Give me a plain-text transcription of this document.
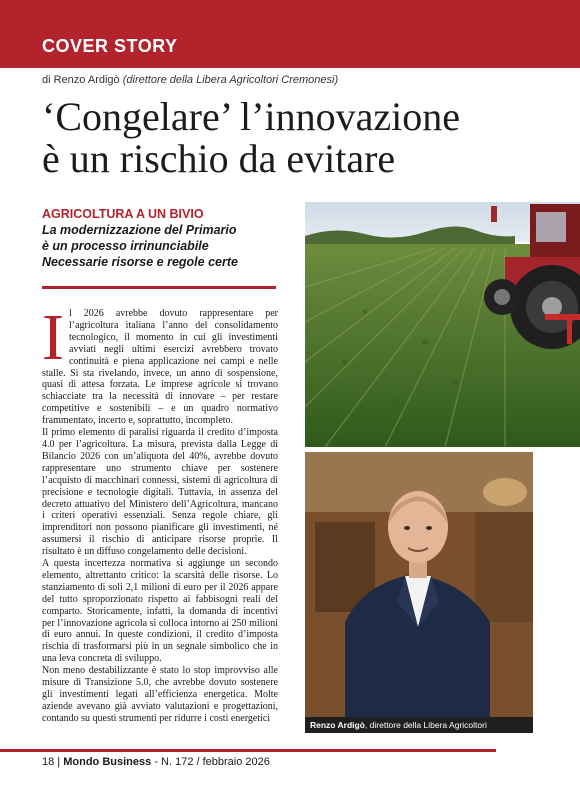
COVER STORY
di Renzo Ardigò (direttore della Libera Agricoltori Cremonesi)
‘Congelare’ l’innovazione
è un rischio da evitare
AGRICOLTURA A UN BIVIO
La modernizzazione del Primario
è un processo irrinunciabile
Necessarie risorse e regole certe

Il 2026 avrebbe dovuto rappresentare per l’agricoltura italiana l’anno del consolidamento tecnologico, il momento in cui gli investimenti avviati negli ultimi esercizi avrebbero trovato continuità e piena applicazione nei campi e nelle stalle. Si sta rivelando, invece, un anno di sospensione, quasi di attesa forzata. Le imprese agricole si trovano schiacciate tra la necessità di innovare – per restare competitive e sostenibili – e un quadro normativo frammentato, incerto e, soprattutto, incompleto.

Il primo elemento di paralisi riguarda il credito d’imposta 4.0 per l’agricoltura. La misura, prevista dalla Legge di Bilancio 2026 con un’aliquota del 40%, avrebbe dovuto rappresentare uno strumento chiave per sostenere l’acquisto di macchinari connessi, sistemi di agricoltura di precisione e tecnologie digitali. Tuttavia, in assenza del decreto attuativo del Ministero dell’Agricoltura, mancano i criteri operativi essenziali. Senza regole chiare, gli imprenditori non possono pianificare gli investimenti, né assumersi il rischio di anticipare risorse proprie. Il risultato è un diffuso congelamento delle decisioni.

A questa incertezza normativa si aggiunge un secondo elemento, altrettanto critico: la scarsità delle risorse. Lo stanziamento di soli 2,1 milioni di euro per il 2026 appare del tutto sproporzionato rispetto ai fabbisogni reali del comparto. Storicamente, infatti, la domanda di incentivi per l’innovazione agricola si colloca intorno ai 250 milioni di euro annui. In queste condizioni, il credito d’imposta rischia di trasformarsi più in un segnale simbolico che in una leva concreta di sviluppo.

Non meno destabilizzante è stato lo stop improvviso alle misure di Transizione 5.0, che avrebbe dovuto sostenere gli investimenti legati all’efficienza energetica. Molte aziende avevano già avviato valutazioni e progettazioni, contando su questi strumenti per ridurre i costi energetici

Renzo Ardigò, direttore della Libera Agricoltori
18 | Mondo Business - N. 172 / febbraio 2026
